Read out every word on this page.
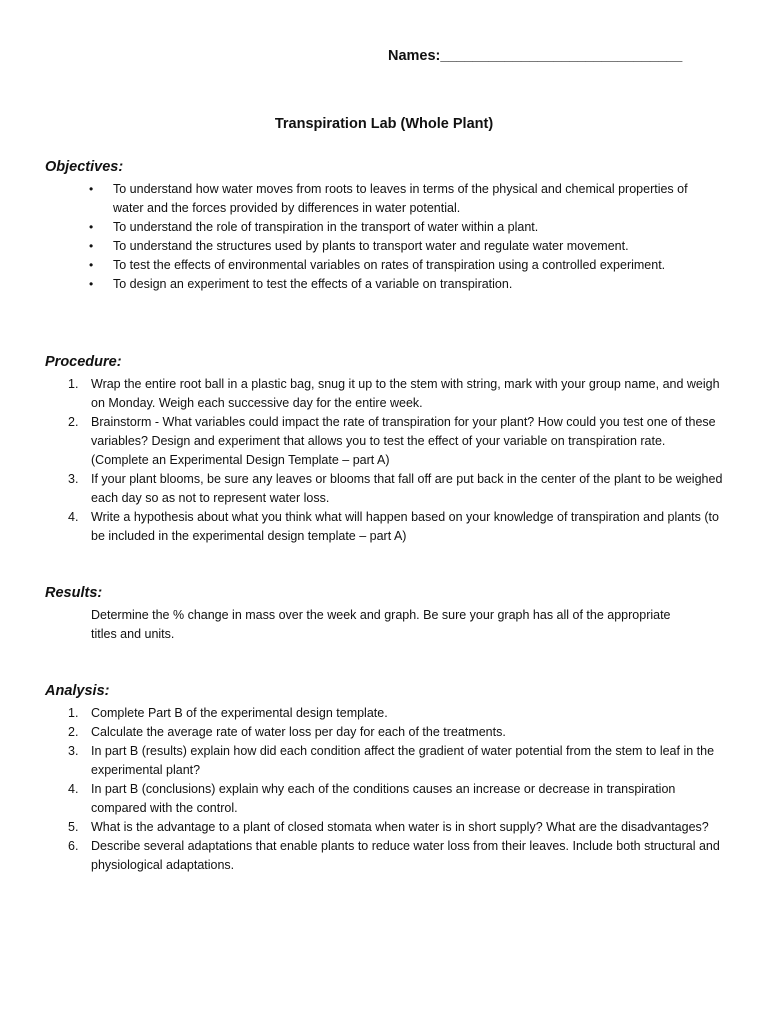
Names:______________________________
Transpiration Lab (Whole Plant)
Objectives:
• To understand how water moves from roots to leaves in terms of the physical and chemical properties of water and the forces provided by differences in water potential.
• To understand the role of transpiration in the transport of water within a plant.
• To understand the structures used by plants to transport water and regulate water movement.
• To test the effects of environmental variables on rates of transpiration using a controlled experiment.
• To design an experiment to test the effects of a variable on transpiration.
Procedure:
1. Wrap the entire root ball in a plastic bag, snug it up to the stem with string, mark with your group name, and weigh on Monday. Weigh each successive day for the entire week.
2. Brainstorm - What variables could impact the rate of transpiration for your plant? How could you test one of these variables? Design and experiment that allows you to test the effect of your variable on transpiration rate. (Complete an Experimental Design Template – part A)
3. If your plant blooms, be sure any leaves or blooms that fall off are put back in the center of the plant to be weighed each day so as not to represent water loss.
4. Write a hypothesis about what you think what will happen based on your knowledge of transpiration and plants (to be included in the experimental design template – part A)
Results:
Determine the % change in mass over the week and graph. Be sure your graph has all of the appropriate titles and units.
Analysis:
1. Complete Part B of the experimental design template.
2. Calculate the average rate of water loss per day for each of the treatments.
3. In part B (results) explain how did each condition affect the gradient of water potential from the stem to leaf in the experimental plant?
4. In part B (conclusions) explain why each of the conditions causes an increase or decrease in transpiration compared with the control.
5. What is the advantage to a plant of closed stomata when water is in short supply? What are the disadvantages?
6. Describe several adaptations that enable plants to reduce water loss from their leaves. Include both structural and physiological adaptations.
